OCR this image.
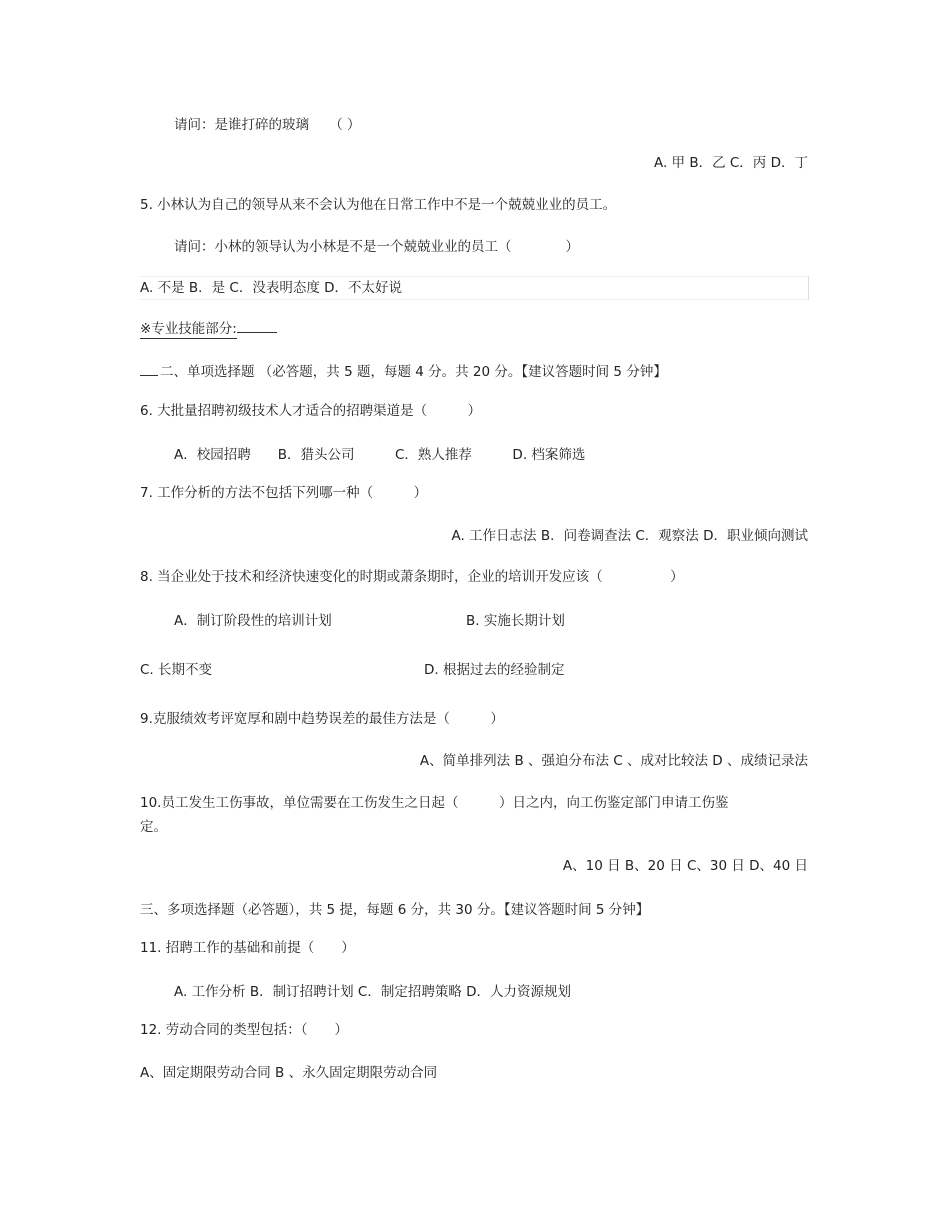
请问：是谁打碎的玻璃　　（ ）
A. 甲 B．乙 C．丙 D．丁
5. 小林认为自己的领导从来不会认为他在日常工作中不是一个兢兢业业的员工。
请问：小林的领导认为小林是不是一个兢兢业业的员工（　　　　）
A. 不是 B．是 C．没表明态度 D．不太好说
※专业技能部分:
二、单项选择题 （必答题，共 5 题，每题 4 分。共 20 分。【建议答题时间 5 分钟】
6. 大批量招聘初级技术人才适合的招聘渠道是（　　　）
A．校园招聘　　B．猎头公司　　　C．熟人推荐　　　D. 档案筛选
7. 工作分析的方法不包括下列哪一种（　　　）
A. 工作日志法 B．问卷调查法 C．观察法 D．职业倾向测试
8. 当企业处于技术和经济快速变化的时期或萧条期时，企业的培训开发应该（　　　　　）
A．制订阶段性的培训计划	B. 实施长期计划
C. 长期不变	D. 根据过去的经验制定
9.克服绩效考评宽厚和剧中趋势误差的最佳方法是（　　　）
A、简单排列法 B 、强迫分布法 C 、成对比较法 D 、成绩记录法
10.员工发生工伤事故，单位需要在工伤发生之日起（　　　）日之内，向工伤鉴定部门申请工伤鉴
定。
A、10 日 B、20 日 C、30 日 D、40 日
三、多项选择题（必答题），共 5 提，每题 6 分，共 30 分。【建议答题时间 5 分钟】
11. 招聘工作的基础和前提（　　）
A. 工作分析 B．制订招聘计划 C．制定招聘策略 D．人力资源规划
12. 劳动合同的类型包括：（　　）
A、固定期限劳动合同 B 、永久固定期限劳动合同
